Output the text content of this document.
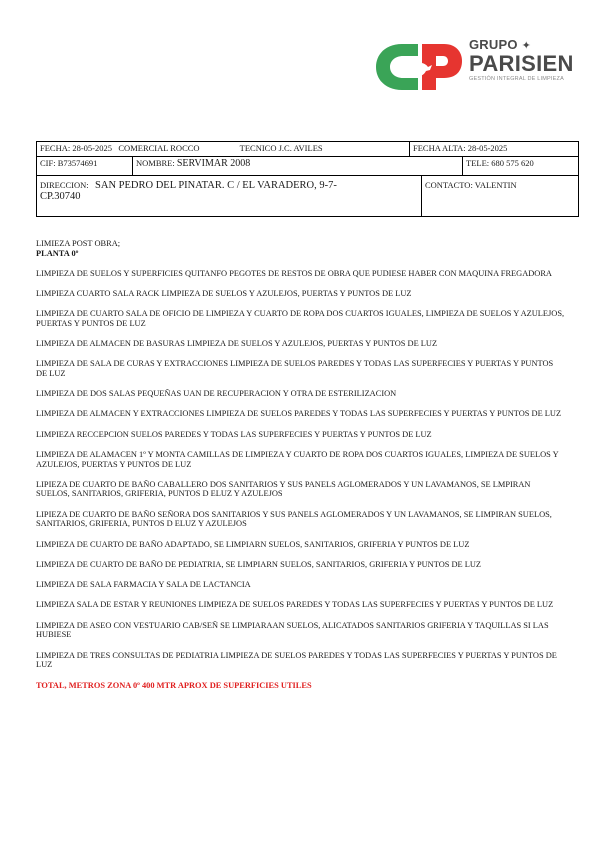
GRUPO ✦
PARISIEN
GESTIÓN INTEGRAL DE LIMPIEZA
FECHA: 28-05-2025 COMERCIAL ROCCO	TECNICO J.C. AVILES	FECHA ALTA: 28-05-2025
CIF: B73574691	NOMBRE: SERVIMAR 2008	TELE: 680 575 620
DIRECCION: SAN PEDRO DEL PINATAR. C / EL VARADERO, 9-7-
CP.30740
CONTACTO: VALENTIN

LIMIEZA POST OBRA;

PLANTA 0º

LIMPIEZA DE SUELOS Y SUPERFICIES QUITANFO PEGOTES DE RESTOS DE OBRA QUE PUDIESE HABER CON MAQUINA FREGADORA

LIMPIEZA CUARTO SALA RACK LIMPIEZA DE SUELOS Y AZULEJOS, PUERTAS Y PUNTOS DE LUZ

LIMPIEZA DE CUARTO SALA DE OFICIO DE LIMPIEZA Y CUARTO DE ROPA DOS CUARTOS IGUALES, LIMPIEZA DE SUELOS Y AZULEJOS, PUERTAS Y PUNTOS DE LUZ

LIMPIEZA DE ALMACEN DE BASURAS LIMPIEZA DE SUELOS Y AZULEJOS, PUERTAS Y PUNTOS DE LUZ

LIMPIEZA DE SALA DE CURAS Y EXTRACCIONES LIMPIEZA DE SUELOS PAREDES Y TODAS LAS SUPERFECIES Y PUERTAS Y PUNTOS DE LUZ

LIMPIEZA DE DOS SALAS PEQUEÑAS UAN DE RECUPERACION Y OTRA DE ESTERILIZACION

LIMPIEZA DE ALMACEN Y EXTRACCIONES LIMPIEZA DE SUELOS PAREDES Y TODAS LAS SUPERFECIES Y PUERTAS Y PUNTOS DE LUZ

LIMPIEZA RECCEPCION SUELOS PAREDES Y TODAS LAS SUPERFECIES Y PUERTAS Y PUNTOS DE LUZ

LIMPIEZA DE ALAMACEN 1º Y MONTA CAMILLAS DE LIMPIEZA Y CUARTO DE ROPA DOS CUARTOS IGUALES, LIMPIEZA DE SUELOS Y AZULEJOS, PUERTAS Y PUNTOS DE LUZ

LIPIEZA DE CUARTO DE BAÑO CABALLERO DOS SANITARIOS Y SUS PANELS AGLOMERADOS Y UN LAVAMANOS, SE LMPIRAN SUELOS, SANITARIOS, GRIFERIA, PUNTOS D ELUZ Y AZULEJOS

LIPIEZA DE CUARTO DE BAÑO SEÑORA DOS SANITARIOS Y SUS PANELS AGLOMERADOS Y UN LAVAMANOS, SE LIMPIRAN SUELOS, SANITARIOS, GRIFERIA, PUNTOS D ELUZ Y AZULEJOS

LIMPIEZA DE CUARTO DE BAÑO ADAPTADO, SE LIMPIARN SUELOS, SANITARIOS, GRIFERIA Y PUNTOS DE LUZ

LIMPIEZA DE CUARTO DE BAÑO DE PEDIATRIA, SE LIMPIARN SUELOS, SANITARIOS, GRIFERIA Y PUNTOS DE LUZ

LIMPIEZA DE SALA FARMACIA Y SALA DE LACTANCIA

LIMPIEZA SALA DE ESTAR Y REUNIONES LIMPIEZA DE SUELOS PAREDES Y TODAS LAS SUPERFECIES Y PUERTAS Y PUNTOS DE LUZ

LIMPIEZA DE ASEO CON VESTUARIO CAB/SEÑ SE LIMPIARAAN SUELOS, ALICATADOS SANITARIOS GRIFERIA Y TAQUILLAS SI LAS HUBIESE

LIMPIEZA DE TRES CONSULTAS DE PEDIATRIA LIMPIEZA DE SUELOS PAREDES Y TODAS LAS SUPERFECIES Y PUERTAS Y PUNTOS DE LUZ

TOTAL, METROS ZONA 0º 400 MTR APROX DE SUPERFICIES UTILES
